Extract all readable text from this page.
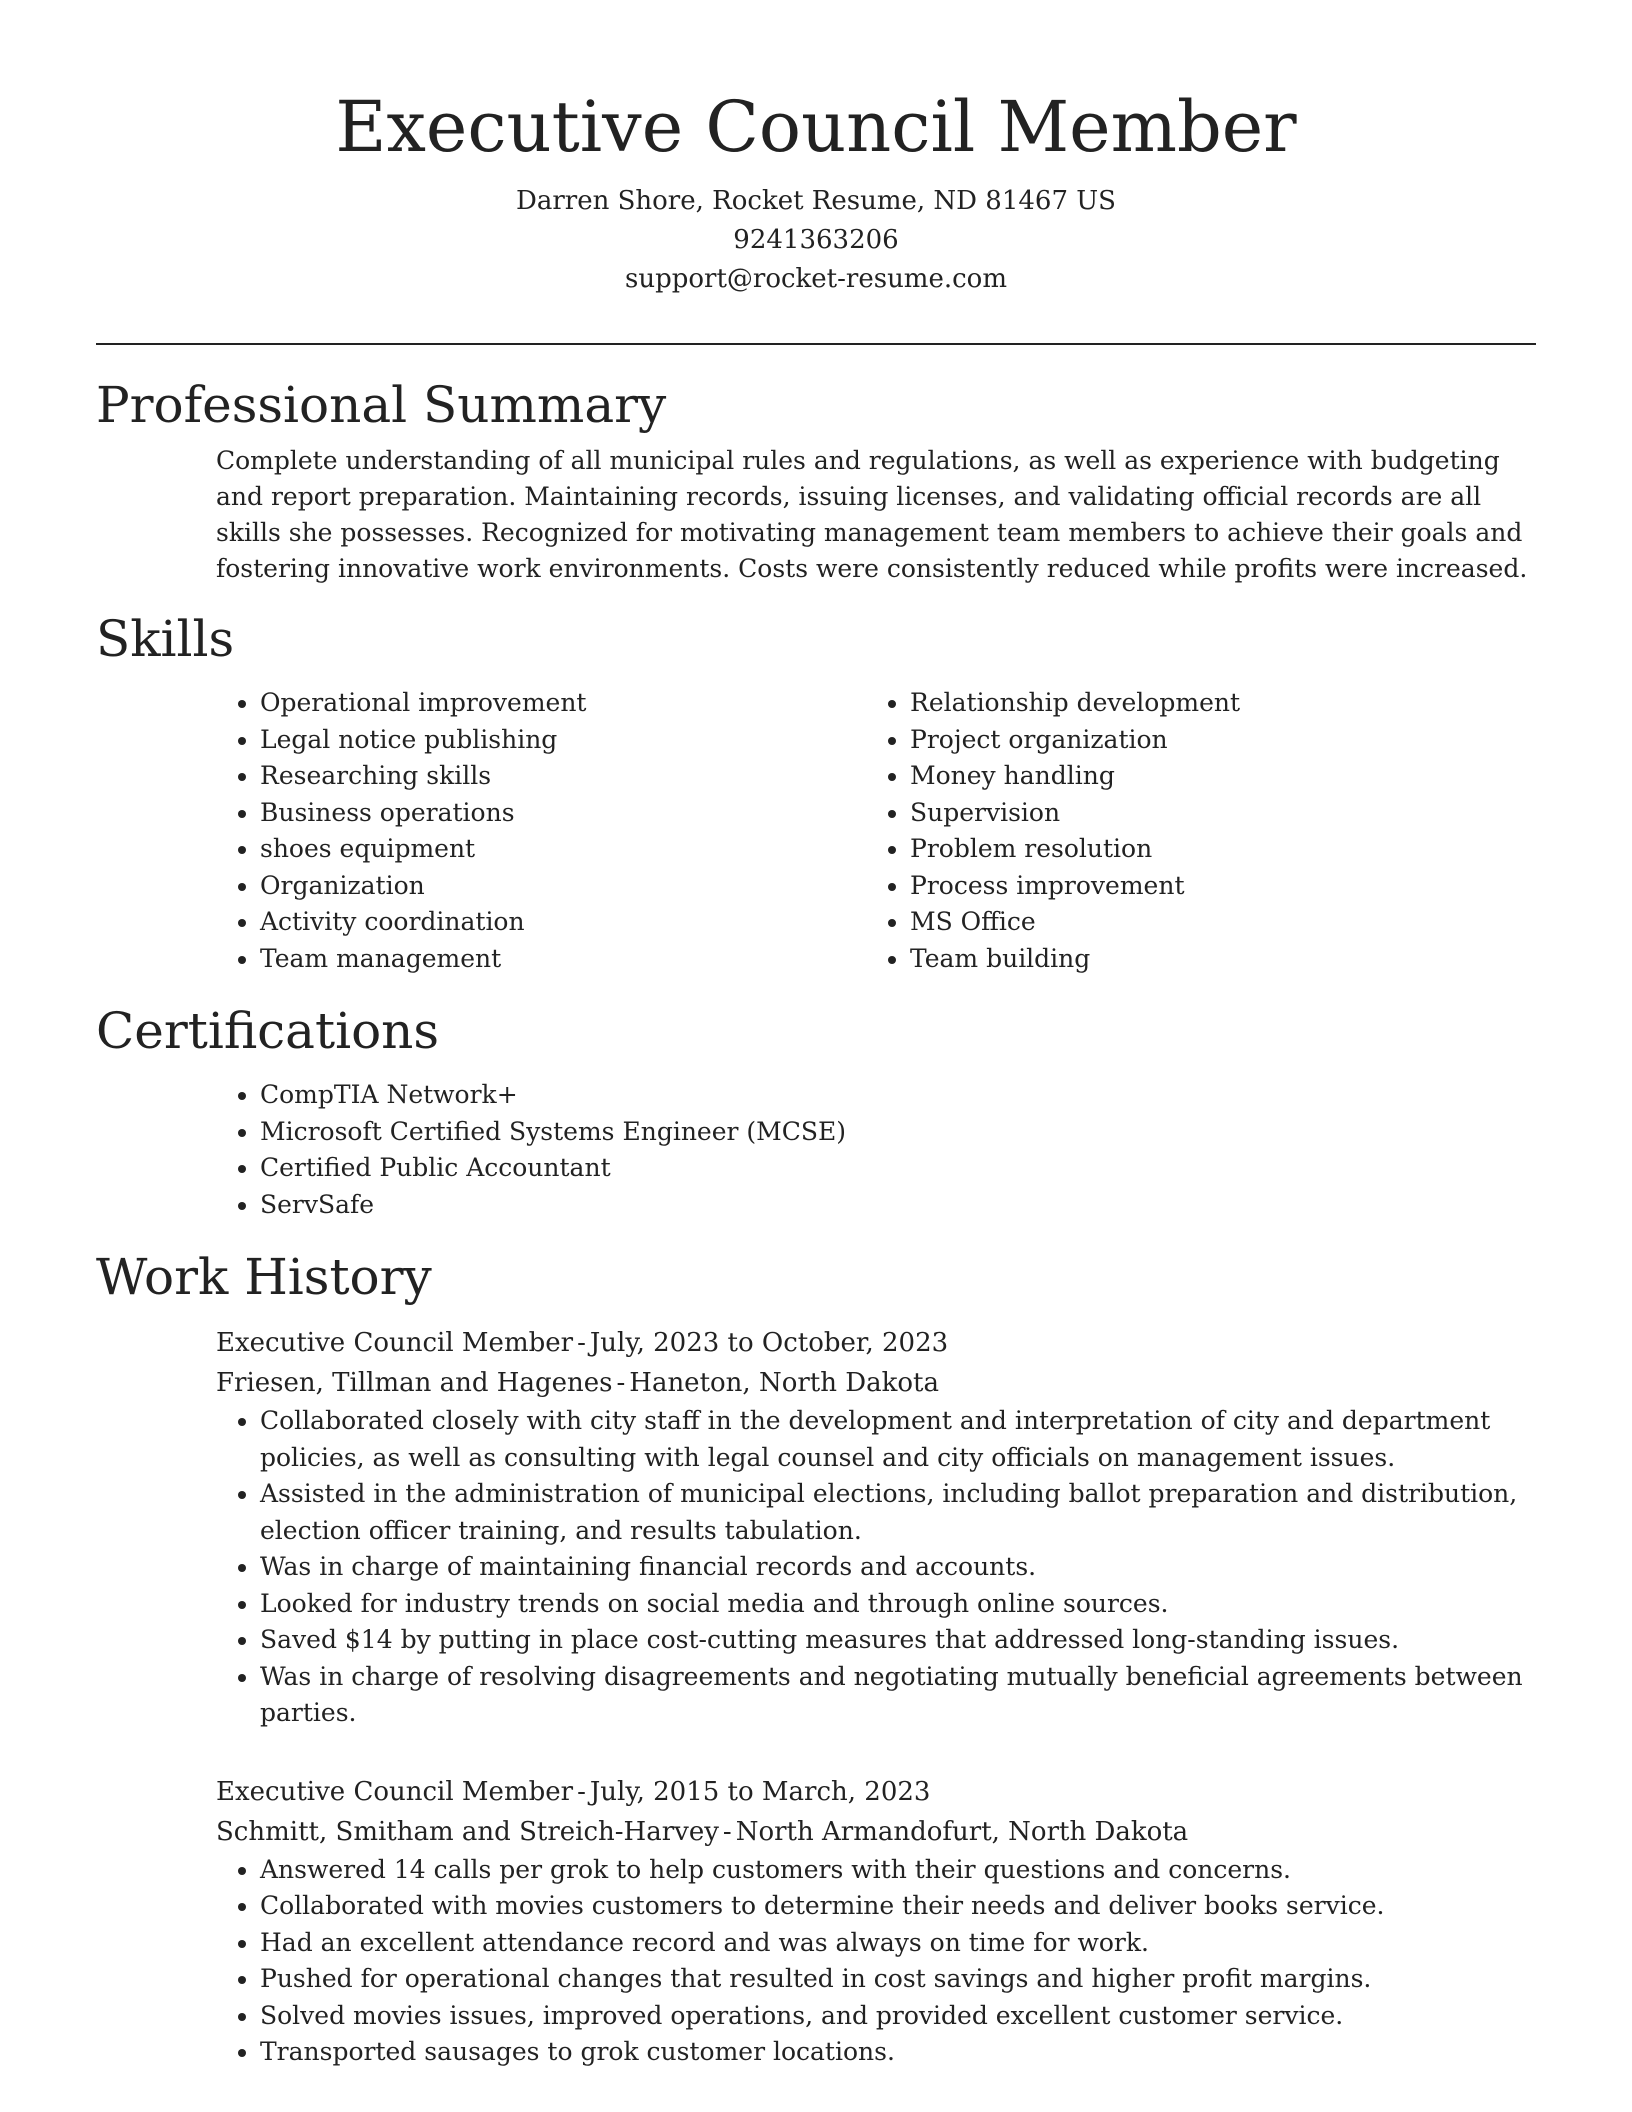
Executive Council Member
Darren Shore, Rocket Resume, ND 81467 US
9241363206
support@rocket-resume.com
Professional Summary

Complete understanding of all municipal rules and regulations, as well as experience with budgeting and report preparation. Maintaining records, issuing licenses, and validating official records are all skills she possesses. Recognized for motivating management team members to achieve their goals and fostering innovative work environments. Costs were consistently reduced while profits were increased.

Skills
• Operational improvement
• Legal notice publishing
• Researching skills
• Business operations
• shoes equipment
• Organization
• Activity coordination
• Team management
• Relationship development
• Project organization
• Money handling
• Supervision
• Problem resolution
• Process improvement
• MS Office
• Team building
Certifications
• CompTIA Network+
• Microsoft Certified Systems Engineer (MCSE)
• Certified Public Accountant
• ServSafe
Work History
Executive Council Member - July, 2023 to October, 2023
Friesen, Tillman and Hagenes - Haneton, North Dakota
• Collaborated closely with city staff in the development and interpretation of city and department policies, as well as consulting with legal counsel and city officials on management issues.
• Assisted in the administration of municipal elections, including ballot preparation and distribution, election officer training, and results tabulation.
• Was in charge of maintaining financial records and accounts.
• Looked for industry trends on social media and through online sources.
• Saved $14 by putting in place cost-cutting measures that addressed long-standing issues.
• Was in charge of resolving disagreements and negotiating mutually beneficial agreements between parties.
Executive Council Member - July, 2015 to March, 2023
Schmitt, Smitham and Streich-Harvey - North Armandofurt, North Dakota
• Answered 14 calls per grok to help customers with their questions and concerns.
• Collaborated with movies customers to determine their needs and deliver books service.
• Had an excellent attendance record and was always on time for work.
• Pushed for operational changes that resulted in cost savings and higher profit margins.
• Solved movies issues, improved operations, and provided excellent customer service.
• Transported sausages to grok customer locations.
